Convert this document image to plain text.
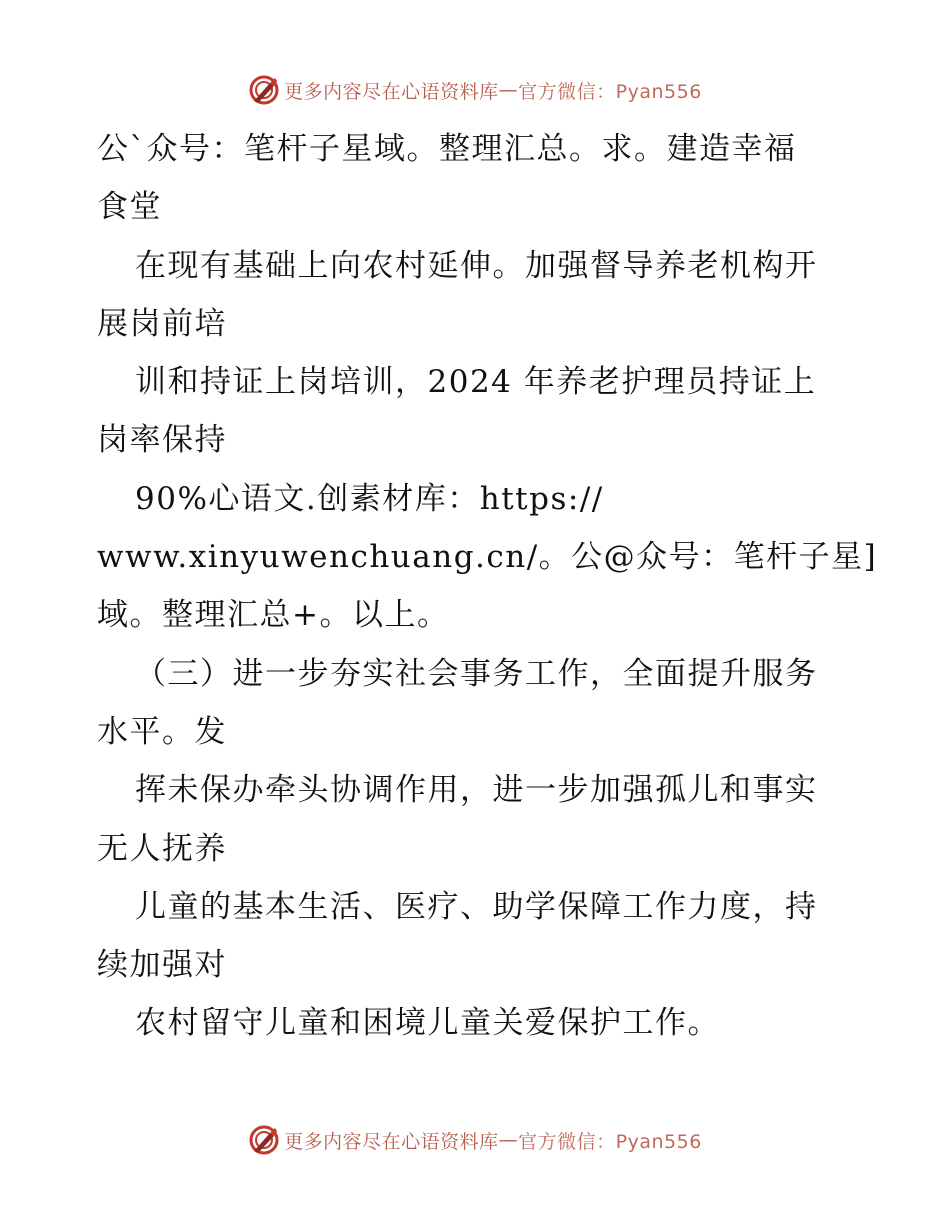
更多内容尽在心语资料库 — 官方微信：Pyan556
公`众号：笔杆子星域。整理汇总。求。建造幸福
食堂
在现有基础上向农村延伸。加强督导养老机构开
展岗前培
训和持证上岗培训，2024 年养老护理员持证上
岗率保持
90%心语文.创素材库：https://
www.xinyuwenchuang.cn/。公@众号：笔杆子星]
域。整理汇总+。以上。
（三）进一步夯实社会事务工作，全面提升服务
水平。发
挥未保办牵头协调作用，进一步加强孤儿和事实
无人抚养
儿童的基本生活、医疗、助学保障工作力度，持
续加强对
农村留守儿童和困境儿童关爱保护工作。
更多内容尽在心语资料库 — 官方微信：Pyan556
